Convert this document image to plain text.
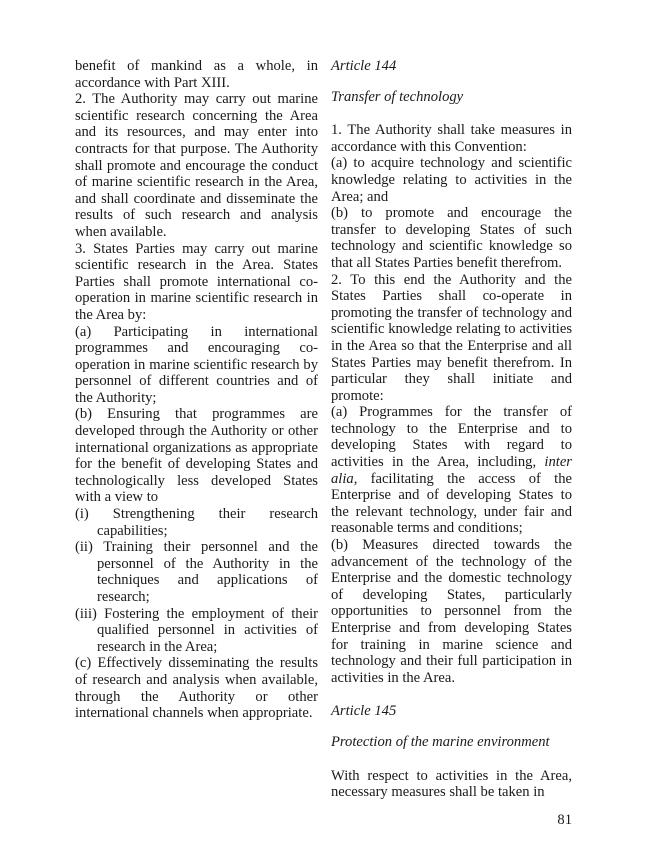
benefit of mankind as a whole, in accordance with Part XIII.

2. The Authority may carry out marine scientific research concerning the Area and its resources, and may enter into contracts for that purpose. The Authority shall promote and encourage the conduct of marine scientific research in the Area, and shall coordinate and disseminate the results of such research and analysis when available.

3. States Parties may carry out marine scientific research in the Area. States Parties shall promote international co-operation in marine scientific research in the Area by:

(a) Participating in international programmes and encouraging co-operation in marine scientific research by personnel of different countries and of the Authority;

(b) Ensuring that programmes are developed through the Authority or other international organizations as appropriate for the benefit of developing States and technologically less developed States with a view to

(i) Strengthening their research capabilities;

(ii) Training their personnel and the personnel of the Authority in the techniques and applications of research;

(iii) Fostering the employment of their qualified personnel in activities of research in the Area;

(c) Effectively disseminating the results of research and analysis when available, through the Authority or other international channels when appropriate.

Article 144

Transfer of technology

1. The Authority shall take measures in accordance with this Convention:

(a) to acquire technology and scientific knowledge relating to activities in the Area; and

(b) to promote and encourage the transfer to developing States of such technology and scientific knowledge so that all States Parties benefit therefrom.

2. To this end the Authority and the States Parties shall co-operate in promoting the transfer of technology and scientific knowledge relating to activities in the Area so that the Enterprise and all States Parties may benefit therefrom. In particular they shall initiate and promote:

(a) Programmes for the transfer of technology to the Enterprise and to developing States with regard to activities in the Area, including, inter alia, facilitating the access of the Enterprise and of developing States to the relevant technology, under fair and reasonable terms and conditions;

(b) Measures directed towards the advancement of the technology of the Enterprise and the domestic technology of developing States, particularly opportunities to personnel from the Enterprise and from developing States for training in marine science and technology and their full participation in activities in the Area.

Article 145

Protection of the marine environment

With respect to activities in the Area, necessary measures shall be taken in

81
